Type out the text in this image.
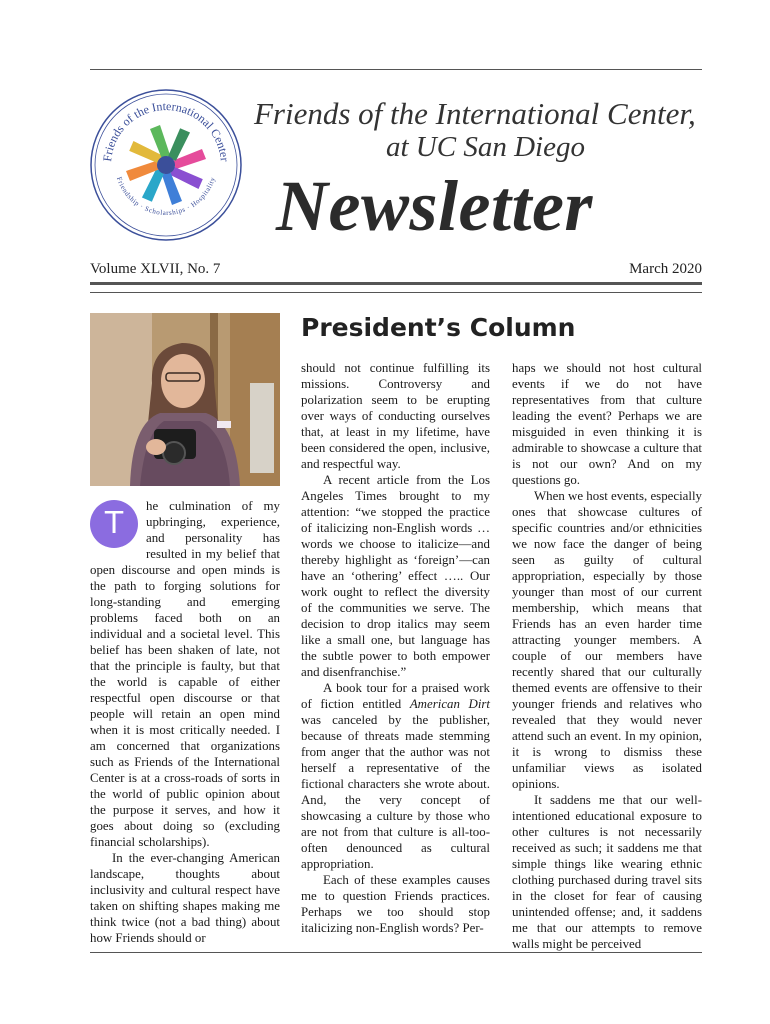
Friends of the International Center
Friendship · Scholarships · Hospitality
Friends of the International Center,
at UC San Diego
Newsletter
Volume XLVII, No. 7	March 2020
President’s Column

T	he culmination of my upbringing, experience, and personality has resulted in my belief that open discourse and open minds is the path to forging solutions for long-standing and emerging problems faced both on an individual and a societal level. This belief has been shaken of late, not that the principle is faulty, but that the world is capable of either respectful open discourse or that people will retain an open mind when it is most critically needed. I am concerned that organizations such as Friends of the International Center is at a cross-roads of sorts in the world of public opinion about the purpose it serves, and how it goes about doing so (excluding financial scholarships).

In the ever-changing American landscape, thoughts about inclusivity and cultural respect have taken on shifting shapes making me think twice (not a bad thing) about how Friends should or

should not continue fulfilling its missions. Controversy and polarization seem to be erupting over ways of conducting ourselves that, at least in my lifetime, have been considered the open, inclusive, and respectful way.

A recent article from the Los Angeles Times brought to my attention: “we stopped the practice of italicizing non-English words … words we choose to italicize—and thereby highlight as ‘foreign’—can have an ‘othering’ effect ….. Our work ought to reflect the diversity of the communities we serve. The decision to drop italics may seem like a small one, but language has the subtle power to both empower and disenfranchise.”

A book tour for a praised work of fiction entitled American Dirt was canceled by the publisher, because of threats made stemming from anger that the author was not herself a representative of the fictional characters she wrote about. And, the very concept of showcasing a culture by those who are not from that culture is all-too-often denounced as cultural appropriation.

Each of these examples causes me to question Friends practices. Perhaps we too should stop italicizing non-English words? Per-

haps we should not host cultural events if we do not have representatives from that culture leading the event? Perhaps we are misguided in even thinking it is admirable to showcase a culture that is not our own? And on my questions go.

When we host events, especially ones that showcase cultures of specific countries and/or ethnicities we now face the danger of being seen as guilty of cultural appropriation, especially by those younger than most of our current membership, which means that Friends has an even harder time attracting younger members. A couple of our members have recently shared that our culturally themed events are offensive to their younger friends and relatives who revealed that they would never attend such an event. In my opinion, it is wrong to dismiss these unfamiliar views as isolated opinions.

It saddens me that our well-intentioned educational exposure to other cultures is not necessarily received as such; it saddens me that simple things like wearing ethnic clothing purchased during travel sits in the closet for fear of causing unintended offense; and, it saddens me that our attempts to remove walls might be perceived
